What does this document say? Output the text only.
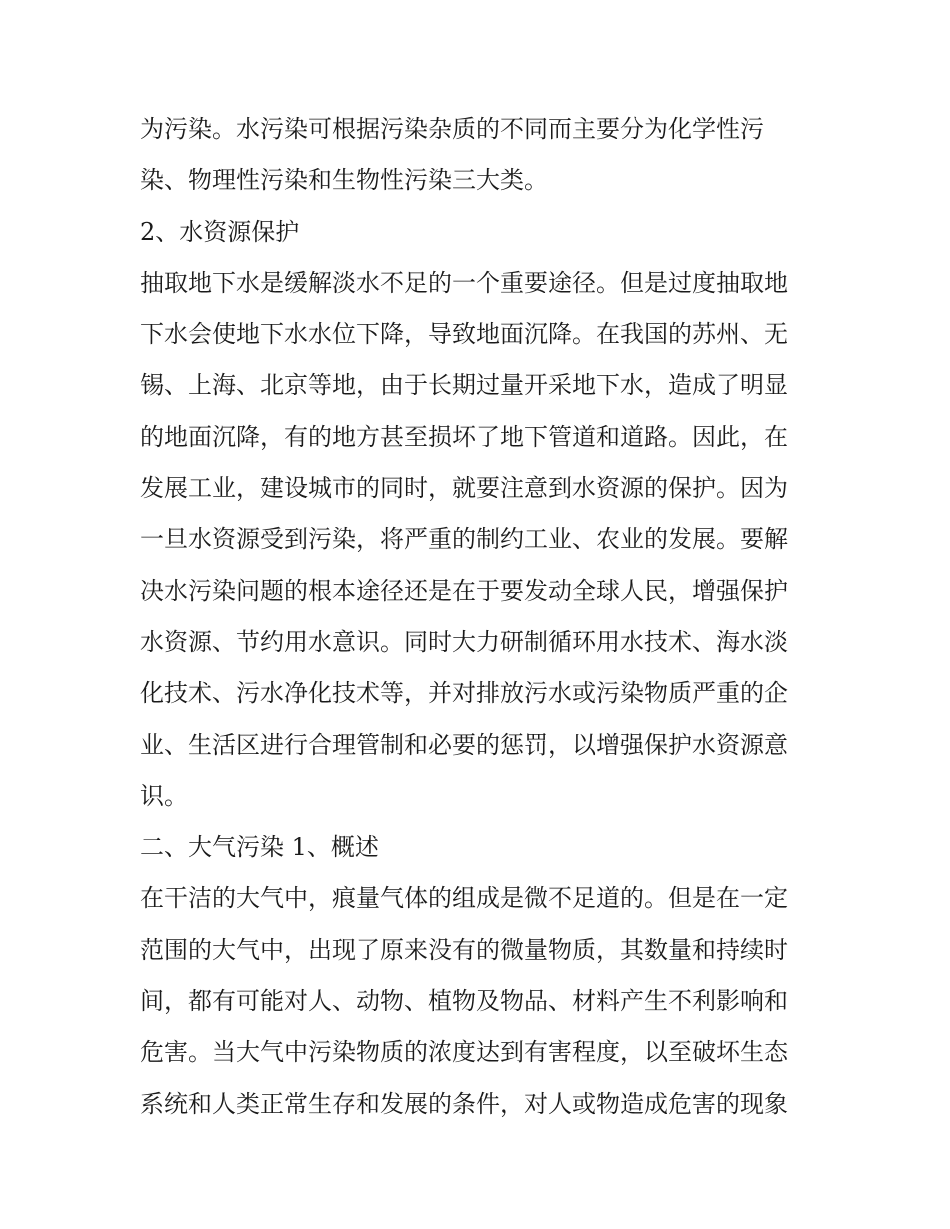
为污染。水污染可根据污染杂质的不同而主要分为化学性污
染、物理性污染和生物性污染三大类。
2、水资源保护
抽取地下水是缓解淡水不足的一个重要途径。但是过度抽取地
下水会使地下水水位下降，导致地面沉降。在我国的苏州、无
锡、上海、北京等地，由于长期过量开采地下水，造成了明显
的地面沉降，有的地方甚至损坏了地下管道和道路。因此，在
发展工业，建设城市的同时，就要注意到水资源的保护。因为
一旦水资源受到污染，将严重的制约工业、农业的发展。要解
决水污染问题的根本途径还是在于要发动全球人民，增强保护
水资源、节约用水意识。同时大力研制循环用水技术、海水淡
化技术、污水净化技术等，并对排放污水或污染物质严重的企
业、生活区进行合理管制和必要的惩罚，以增强保护水资源意
识。
二、大气污染 1、概述
在干洁的大气中，痕量气体的组成是微不足道的。但是在一定
范围的大气中，出现了原来没有的微量物质，其数量和持续时
间，都有可能对人、动物、植物及物品、材料产生不利影响和
危害。当大气中污染物质的浓度达到有害程度，以至破坏生态
系统和人类正常生存和发展的条件，对人或物造成危害的现象
